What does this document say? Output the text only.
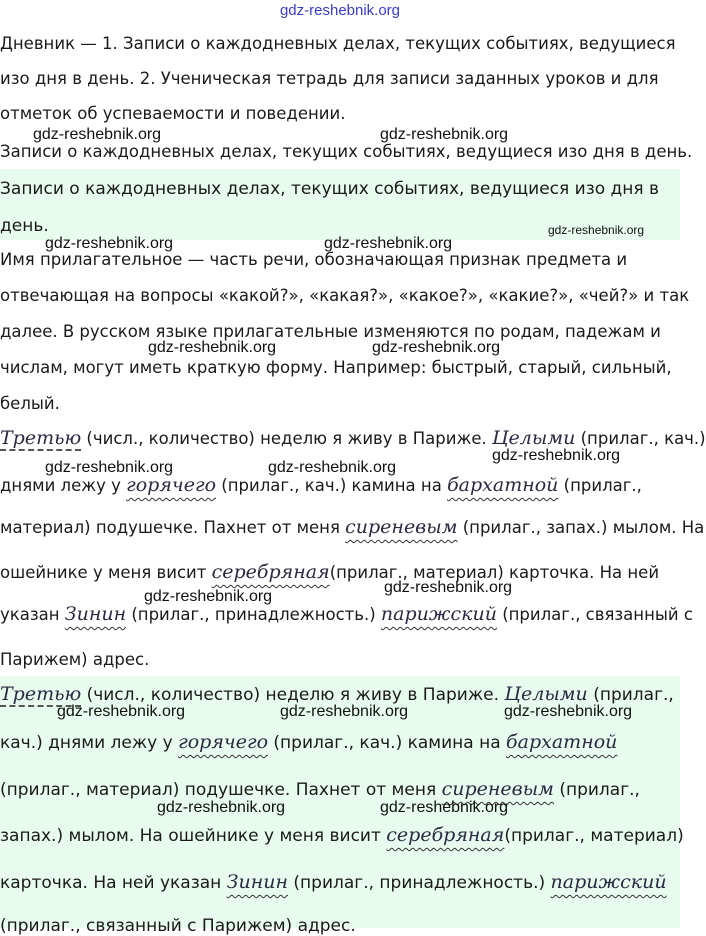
gdz-reshebnik.org
Дневник — 1. Записи о каждодневных делах, текущих событиях, ведущиеся
изо дня в день. 2. Ученическая тетрадь для записи заданных уроков и для
отметок об успеваемости и поведении.
gdz-reshebnik.org	gdz-reshebnik.org
Записи о каждодневных делах, текущих событиях, ведущиеся изо дня в день.
Записи о каждодневных делах, текущих событиях, ведущиеся изо дня в
день.	gdz-reshebnik.org
gdz-reshebnik.org	gdz-reshebnik.org
Имя прилагательное — часть речи, обозначающая признак предмета и
отвечающая на вопросы «какой?», «какая?», «какое?», «какие?», «чей?» и так
далее. В русском языке прилагательные изменяются по родам, падежам и
gdz-reshebnik.org	gdz-reshebnik.org
числам, могут иметь краткую форму. Например: быстрый, старый, сильный,
белый.
Третью (числ., количество) неделю я живу в Париже. Целыми (прилаг., кач.)
gdz-reshebnik.org	gdz-reshebnik.org
gdz-reshebnik.org
днями лежу у горячего (прилаг., кач.) камина на бархатной (прилаг.,
материал) подушечке. Пахнет от меня сиреневым (прилаг., запах.) мылом. На
ошейнике у меня висит серебряная(прилаг., материал) карточка. На ней
gdz-reshebnik.org
gdz-reshebnik.org
указан Зинин (прилаг., принадлежность.) парижский (прилаг., связанный с
Парижем) адрес.
Третью (числ., количество) неделю я живу в Париже. Целыми (прилаг.,
gdz-reshebnik.org	gdz-reshebnik.org	gdz-reshebnik.org
кач.) днями лежу у горячего (прилаг., кач.) камина на бархатной
(прилаг., материал) подушечке. Пахнет от меня сиреневым (прилаг.,
gdz-reshebnik.org	gdz-reshebnik.org
запах.) мылом. На ошейнике у меня висит серебряная(прилаг., материал)
карточка. На ней указан Зинин (прилаг., принадлежность.) парижский
(прилаг., связанный с Парижем) адрес.
